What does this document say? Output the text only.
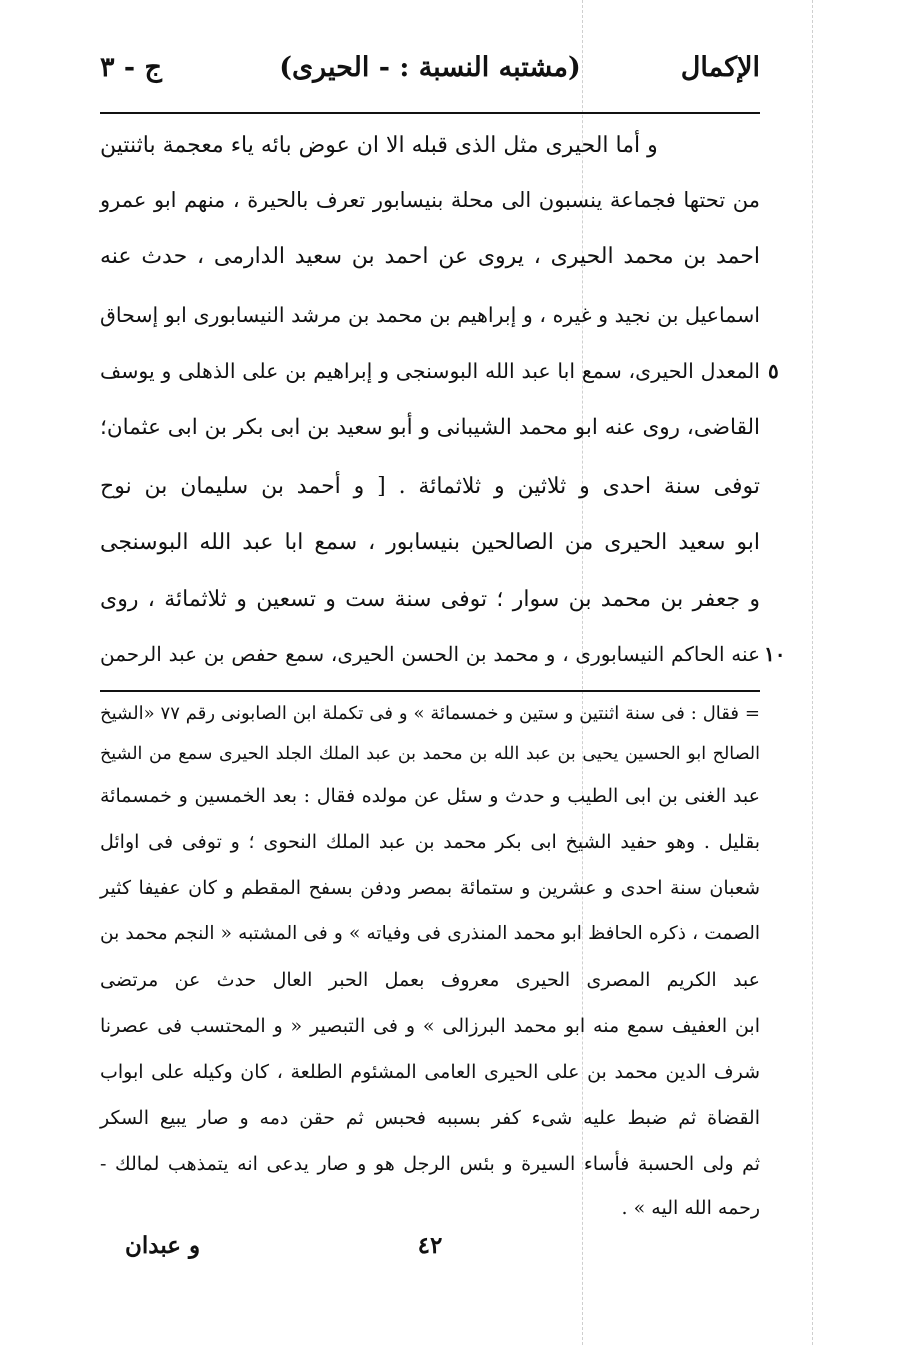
الإكمال
(مشتبه النسبة : - الحيرى)
ج - ٣
و أما الحيرى مثل الذى قبله الا ان عوض بائه ياء معجمة باثنتين
من تحتها فجماعة ينسبون الى محلة بنيسابور تعرف بالحيرة ، منهم ابو عمرو
احمد بن محمد الحيرى ، يروى عن احمد بن سعيد الدارمى ، حدث عنه
اسماعيل بن نجيد و غيره ، و إبراهيم بن محمد بن مرشد النيسابورى ابو إسحاق
المعدل الحيرى، سمع ابا عبد الله البوسنجى و إبراهيم بن على الذهلى و يوسف
القاضى، روى عنه ابو محمد الشيبانى و أبو سعيد بن ابى بكر بن ابى عثمان؛
توفى سنة احدى و ثلاثين و ثلاثمائة . [ و أحمد بن سليمان بن نوح
ابو سعيد الحيرى من الصالحين بنيسابور ، سمع ابا عبد الله البوسنجى
و جعفر بن محمد بن سوار ؛ توفى سنة ست و تسعين و ثلاثمائة ، روى
عنه الحاكم النيسابورى ، و محمد بن الحسن الحيرى، سمع حفص بن عبد الرحمن
٥
١٠
= فقال : فى سنة اثنتين و ستين و خمسمائة » و فى تكملة ابن الصابونى رقم ٧٧ «الشيخ
الصالح ابو الحسين يحيى بن عبد الله بن محمد بن عبد الملك الجلد الحيرى سمع من الشيخ
عبد الغنى بن ابى الطيب و حدث و سئل عن مولده فقال : بعد الخمسين و خمسمائة
بقليل . وهو حفيد الشيخ ابى بكر محمد بن عبد الملك النحوى ؛ و توفى فى اوائل
شعبان سنة احدى و عشرين و ستمائة بمصر ودفن بسفح المقطم و كان عفيفا كثير
الصمت ، ذكره الحافظ ابو محمد المنذرى فى وفياته » و فى المشتبه « النجم محمد بن
عبد الكريم المصرى الحيرى معروف بعمل الحبر العال حدث عن مرتضى
ابن العفيف سمع منه ابو محمد البرزالى » و فى التبصير « و المحتسب فى عصرنا
شرف الدين محمد بن على الحيرى العامى المشئوم الطلعة ، كان وكيله على ابواب
القضاة ثم ضبط عليه شىء كفر بسببه فحبس ثم حقن دمه و صار يبيع السكر
ثم ولى الحسبة فأساء السيرة و بئس الرجل هو و صار يدعى انه يتمذهب لمالك -
رحمه الله اليه » .
٤٢
و عبدان
